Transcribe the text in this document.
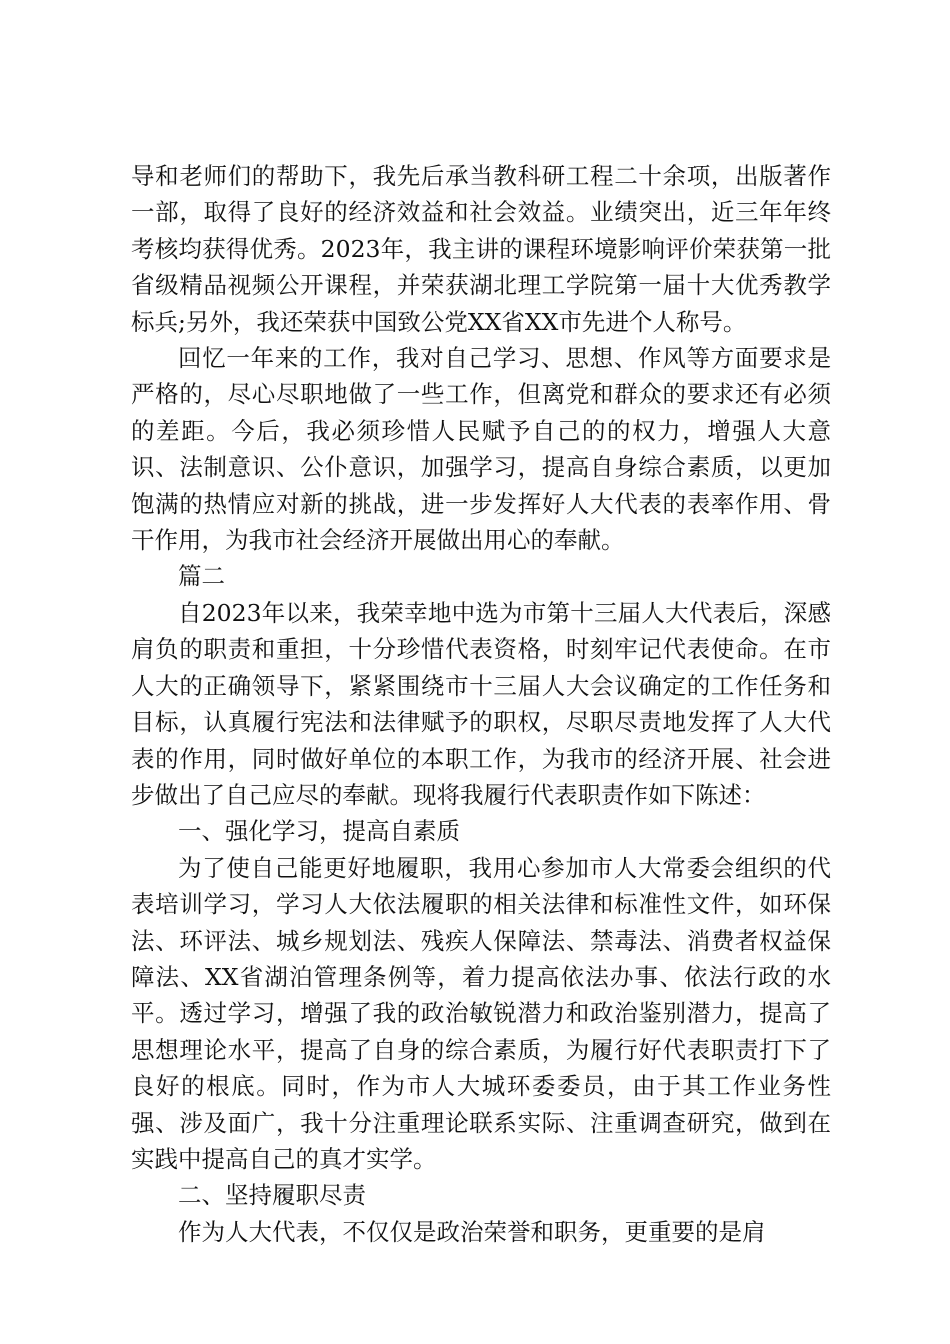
导和老师们的帮助下，我先后承当教科研工程二十余项，出版著作一部，取得了良好的经济效益和社会效益。业绩突出，近三年年终考核均获得优秀。2023年，我主讲的课程环境影响评价荣获第一批省级精品视频公开课程，并荣获湖北理工学院第一届十大优秀教学标兵;另外，我还荣获中国致公党XX省XX市先进个人称号。

回忆一年来的工作，我对自己学习、思想、作风等方面要求是严格的，尽心尽职地做了一些工作，但离党和群众的要求还有必须的差距。今后，我必须珍惜人民赋予自己的的权力，增强人大意识、法制意识、公仆意识，加强学习，提高自身综合素质，以更加饱满的热情应对新的挑战，进一步发挥好人大代表的表率作用、骨干作用，为我市社会经济开展做出用心的奉献。

篇二

自2023年以来，我荣幸地中选为市第十三届人大代表后，深感肩负的职责和重担，十分珍惜代表资格，时刻牢记代表使命。在市人大的正确领导下，紧紧围绕市十三届人大会议确定的工作任务和目标，认真履行宪法和法律赋予的职权，尽职尽责地发挥了人大代表的作用，同时做好单位的本职工作，为我市的经济开展、社会进步做出了自己应尽的奉献。现将我履行代表职责作如下陈述：

一、强化学习，提高自素质

为了使自己能更好地履职，我用心参加市人大常委会组织的代表培训学习，学习人大依法履职的相关法律和标准性文件，如环保法、环评法、城乡规划法、残疾人保障法、禁毒法、消费者权益保障法、XX省湖泊管理条例等，着力提高依法办事、依法行政的水平。透过学习，增强了我的政治敏锐潜力和政治鉴别潜力，提高了思想理论水平，提高了自身的综合素质，为履行好代表职责打下了良好的根底。同时，作为市人大城环委委员，由于其工作业务性强、涉及面广，我十分注重理论联系实际、注重调查研究，做到在实践中提高自己的真才实学。

二、坚持履职尽责

作为人大代表，不仅仅是政治荣誉和职务，更重要的是肩
